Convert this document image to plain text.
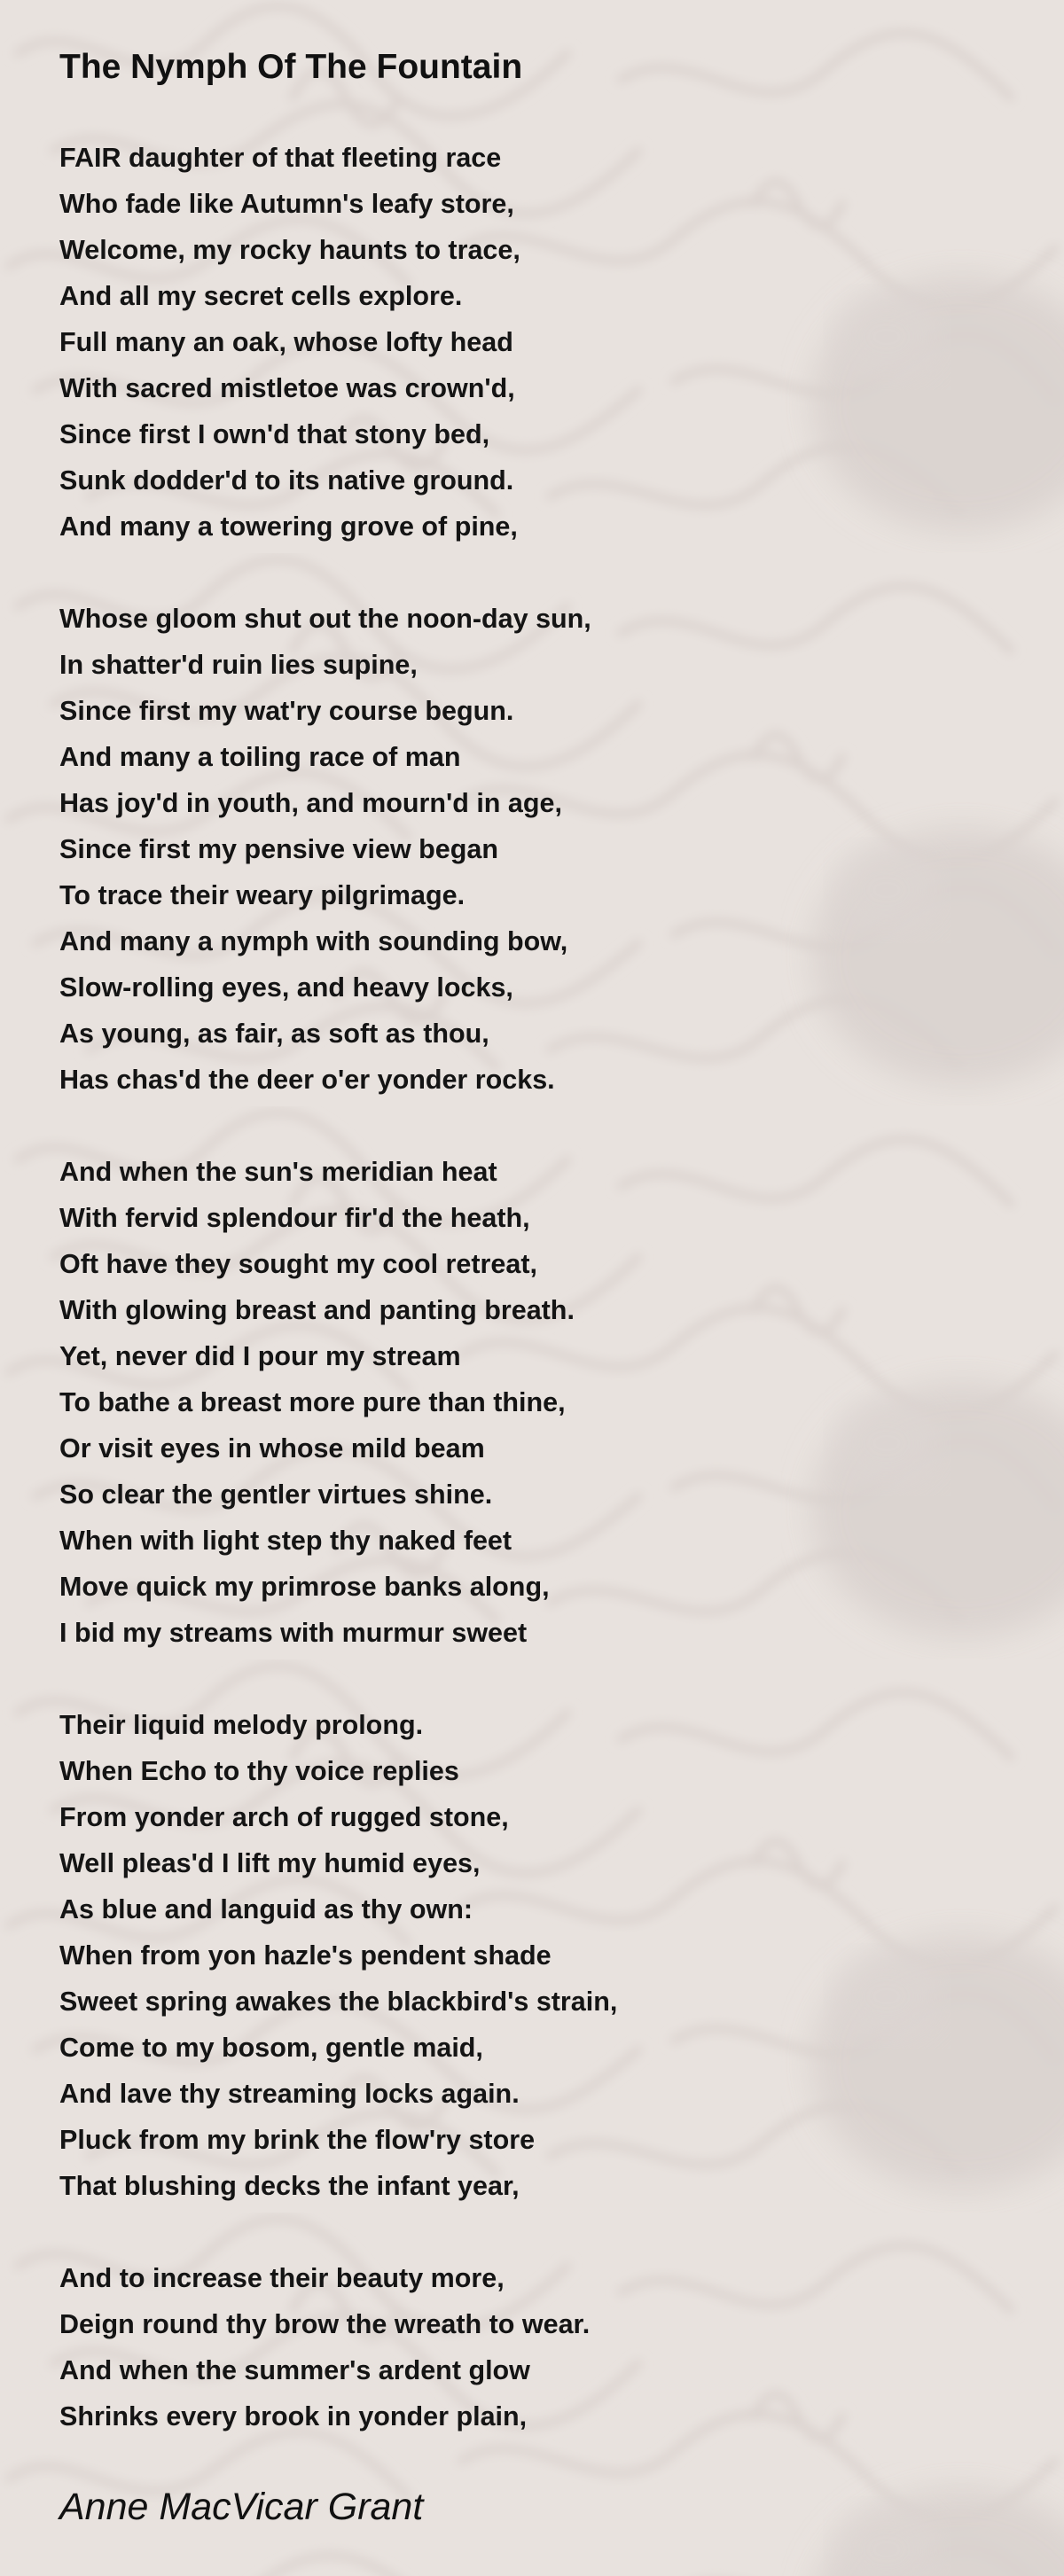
The Nymph Of The Fountain
FAIR daughter of that fleeting race
Who fade like Autumn's leafy store,
Welcome, my rocky haunts to trace,
And all my secret cells explore.
Full many an oak, whose lofty head
With sacred mistletoe was crown'd,
Since first I own'd that stony bed,
Sunk dodder'd to its native ground.
And many a towering grove of pine,
Whose gloom shut out the noon-day sun,
In shatter'd ruin lies supine,
Since first my wat'ry course begun.
And many a toiling race of man
Has joy'd in youth, and mourn'd in age,
Since first my pensive view began
To trace their weary pilgrimage.
And many a nymph with sounding bow,
Slow-rolling eyes, and heavy locks,
As young, as fair, as soft as thou,
Has chas'd the deer o'er yonder rocks.
And when the sun's meridian heat
With fervid splendour fir'd the heath,
Oft have they sought my cool retreat,
With glowing breast and panting breath.
Yet, never did I pour my stream
To bathe a breast more pure than thine,
Or visit eyes in whose mild beam
So clear the gentler virtues shine.
When with light step thy naked feet
Move quick my primrose banks along,
I bid my streams with murmur sweet
Their liquid melody prolong.
When Echo to thy voice replies
From yonder arch of rugged stone,
Well pleas'd I lift my humid eyes,
As blue and languid as thy own:
When from yon hazle's pendent shade
Sweet spring awakes the blackbird's strain,
Come to my bosom, gentle maid,
And lave thy streaming locks again.
Pluck from my brink the flow'ry store
That blushing decks the infant year,
And to increase their beauty more,
Deign round thy brow the wreath to wear.
And when the summer's ardent glow
Shrinks every brook in yonder plain,
Anne MacVicar Grant
